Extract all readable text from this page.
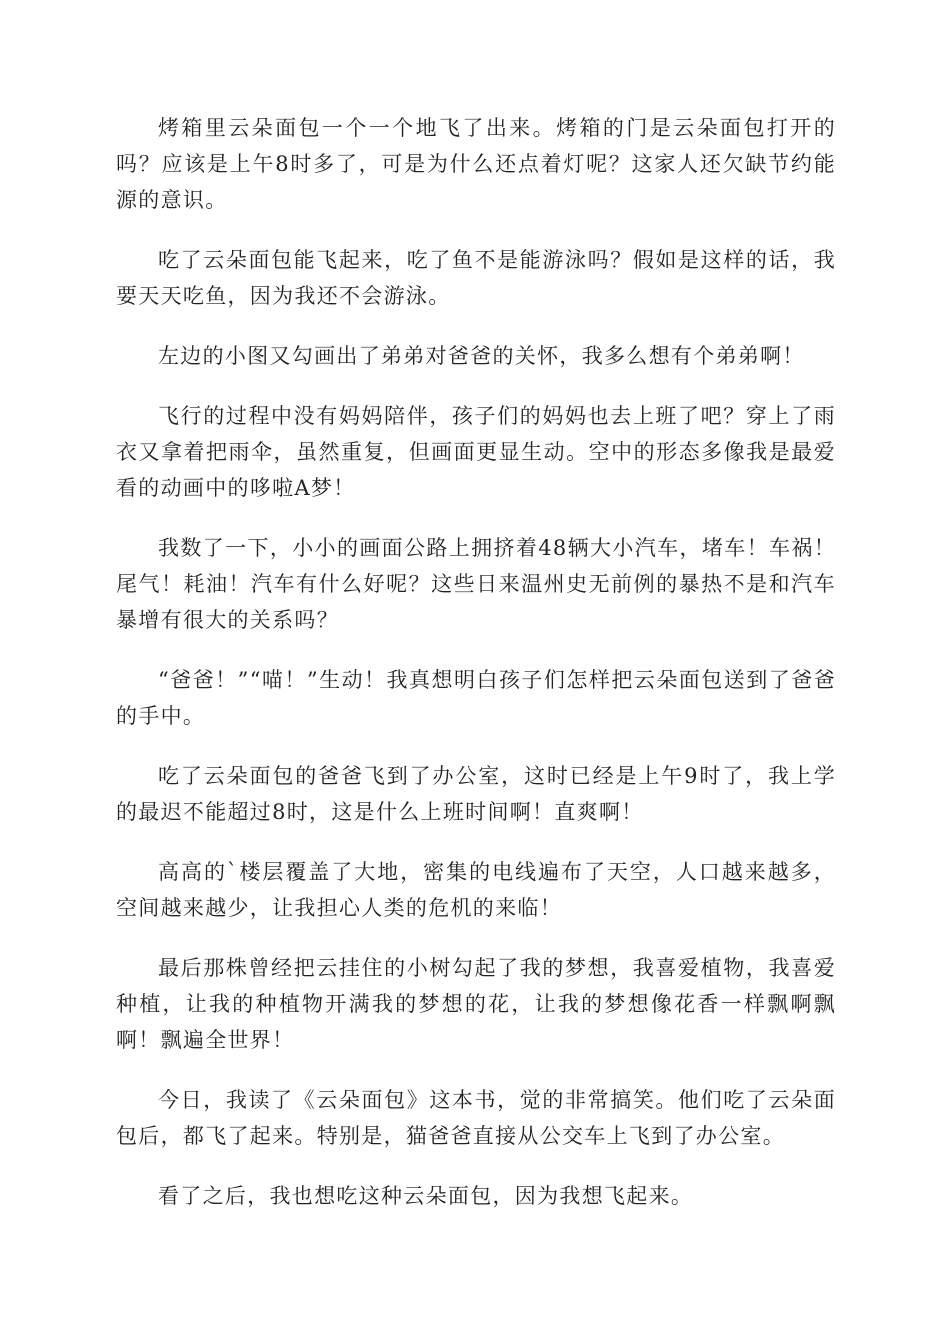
烤箱里云朵面包一个一个地飞了出来。烤箱的门是云朵面包打开的吗？应该是上午8时多了，可是为什么还点着灯呢？这家人还欠缺节约能源的意识。

吃了云朵面包能飞起来，吃了鱼不是能游泳吗？假如是这样的话，我要天天吃鱼，因为我还不会游泳。

左边的小图又勾画出了弟弟对爸爸的关怀，我多么想有个弟弟啊！

飞行的过程中没有妈妈陪伴，孩子们的妈妈也去上班了吧？穿上了雨衣又拿着把雨伞，虽然重复，但画面更显生动。空中的形态多像我是最爱看的动画中的哆啦A梦！

我数了一下，小小的画面公路上拥挤着48辆大小汽车，堵车！车祸！尾气！耗油！汽车有什么好呢？这些日来温州史无前例的暴热不是和汽车暴增有很大的关系吗？

“爸爸！”“喵！”生动！我真想明白孩子们怎样把云朵面包送到了爸爸的手中。

吃了云朵面包的爸爸飞到了办公室，这时已经是上午9时了，我上学的最迟不能超过8时，这是什么上班时间啊！直爽啊！

高高的`楼层覆盖了大地，密集的电线遍布了天空，人口越来越多，空间越来越少，让我担心人类的危机的来临！

最后那株曾经把云挂住的小树勾起了我的梦想，我喜爱植物，我喜爱种植，让我的种植物开满我的梦想的花，让我的梦想像花香一样飘啊飘啊！飘遍全世界！

今日，我读了《云朵面包》这本书，觉的非常搞笑。他们吃了云朵面包后，都飞了起来。特别是，猫爸爸直接从公交车上飞到了办公室。

看了之后，我也想吃这种云朵面包，因为我想飞起来。
